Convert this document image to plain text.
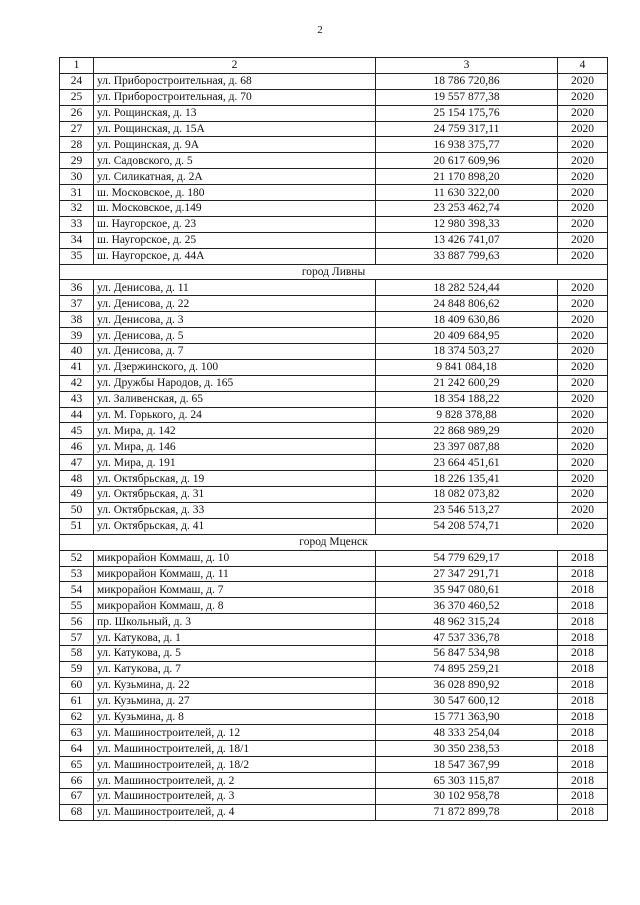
2
1	2	3	4
24	ул. Приборостроительная, д. 68	18 786 720,86	2020
25	ул. Приборостроительная, д. 70	19 557 877,38	2020
26	ул. Рощинская, д. 13	25 154 175,76	2020
27	ул. Рощинская, д. 15А	24 759 317,11	2020
28	ул. Рощинская, д. 9А	16 938 375,77	2020
29	ул. Садовского, д. 5	20 617 609,96	2020
30	ул. Силикатная, д. 2А	21 170 898,20	2020
31	ш. Московское, д. 180	11 630 322,00	2020
32	ш. Московское, д.149	23 253 462,74	2020
33	ш. Наугорское, д. 23	12 980 398,33	2020
34	ш. Наугорское, д. 25	13 426 741,07	2020
35	ш. Наугорское, д. 44А	33 887 799,63	2020
город Ливны			
36	ул. Денисова, д. 11	18 282 524,44	2020
37	ул. Денисова, д. 22	24 848 806,62	2020
38	ул. Денисова, д. 3	18 409 630,86	2020
39	ул. Денисова, д. 5	20 409 684,95	2020
40	ул. Денисова, д. 7	18 374 503,27	2020
41	ул. Дзержинского, д. 100	9 841 084,18	2020
42	ул. Дружбы Народов, д. 165	21 242 600,29	2020
43	ул. Заливенская, д. 65	18 354 188,22	2020
44	ул. М. Горького, д. 24	9 828 378,88	2020
45	ул. Мира, д. 142	22 868 989,29	2020
46	ул. Мира, д. 146	23 397 087,88	2020
47	ул. Мира, д. 191	23 664 451,61	2020
48	ул. Октябрьская, д. 19	18 226 135,41	2020
49	ул. Октябрьская, д. 31	18 082 073,82	2020
50	ул. Октябрьская, д. 33	23 546 513,27	2020
51	ул. Октябрьская, д. 41	54 208 574,71	2020
город Мценск			
52	микрорайон Коммаш, д. 10	54 779 629,17	2018
53	микрорайон Коммаш, д. 11	27 347 291,71	2018
54	микрорайон Коммаш, д. 7	35 947 080,61	2018
55	микрорайон Коммаш, д. 8	36 370 460,52	2018
56	пр. Школьный, д. 3	48 962 315,24	2018
57	ул. Катукова, д. 1	47 537 336,78	2018
58	ул. Катукова, д. 5	56 847 534,98	2018
59	ул. Катукова, д. 7	74 895 259,21	2018
60	ул. Кузьмина, д. 22	36 028 890,92	2018
61	ул. Кузьмина, д. 27	30 547 600,12	2018
62	ул. Кузьмина, д. 8	15 771 363,90	2018
63	ул. Машиностроителей, д. 12	48 333 254,04	2018
64	ул. Машиностроителей, д. 18/1	30 350 238,53	2018
65	ул. Машиностроителей, д. 18/2	18 547 367,99	2018
66	ул. Машиностроителей, д. 2	65 303 115,87	2018
67	ул. Машиностроителей, д. 3	30 102 958,78	2018
68	ул. Машиностроителей, д. 4	71 872 899,78	2018
